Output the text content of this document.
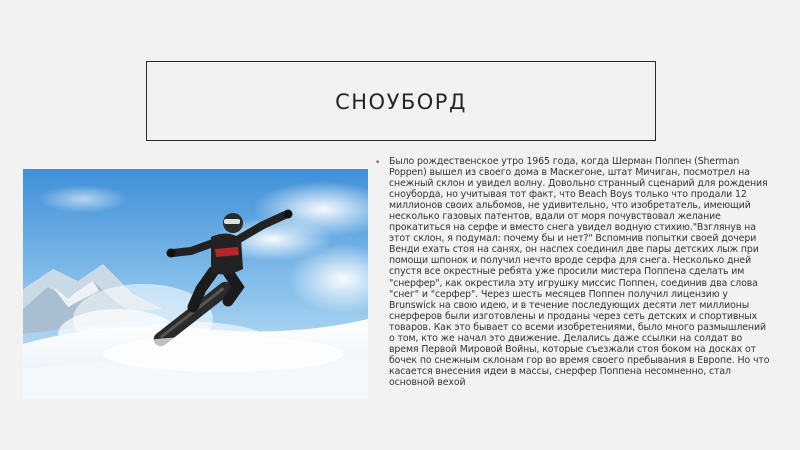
СНОУБОРД
• Было рождественское утро 1965 года, когда Шерман Поппен (Sherman Poppen) вышел из своего дома в Маскегоне, штат Мичиган, посмотрел на снежный склон и увидел волну. Довольно странный сценарий для рождения сноуборда, но учитывая тот факт, что Beach Boys только что продали 12 миллионов своих альбомов, не удивительно, что изобретатель, имеющий несколько газовых патентов, вдали от моря почувствовал желание прокатиться на серфе и вместо снега увидел водную стихию."Взглянув на этот склон, я подумал: почему бы и нет?" Вспомнив попытки своей дочери Венди ехать стоя на санях, он наспех соединил две пары детских лыж при помощи шпонок и получил нечто вроде серфа для снега. Несколько дней спустя все окрестные ребята уже просили мистера Поппена сделать им "снерфер", как окрестила эту игрушку миссис Поппен, соединив два слова "снег" и "серфер". Через шесть месяцев Поппен получил лицензию у Brunswick на свою идею, и в течение последующих десяти лет миллионы снерферов были изготовлены и проданы через сеть детских и спортивных товаров. Как это бывает со всеми изобретениями, было много размышлений о том, кто же начал это движение. Делались даже ссылки на солдат во время Первой Мировой Войны, которые съезжали стоя боком на досках от бочек по снежным склонам гор во время своего пребывания в Европе. Но что касается внесения идеи в массы, снерфер Поппена несомненно, стал основной вехой
